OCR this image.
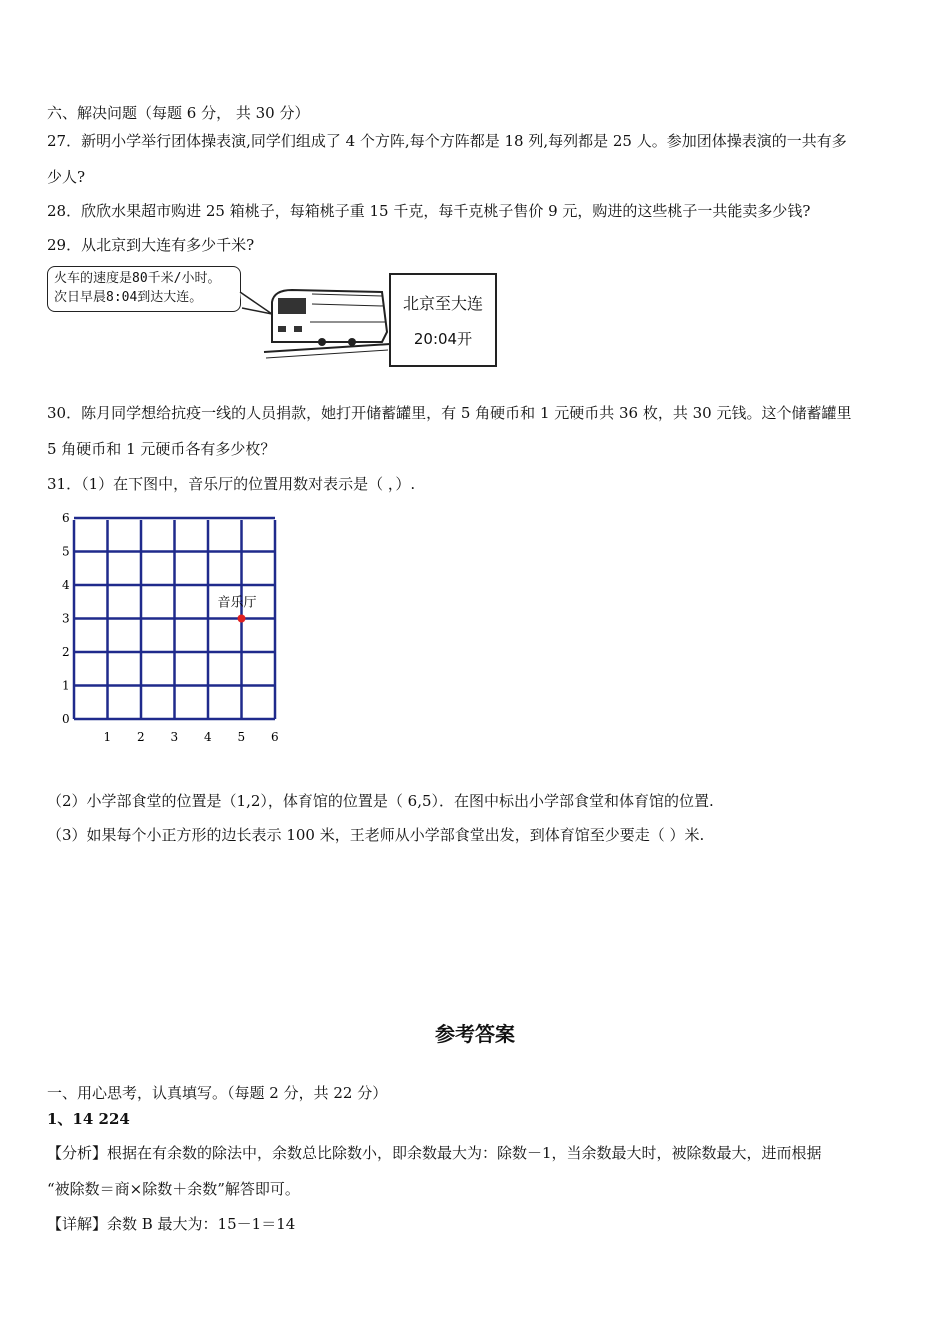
六、解决问题（每题 6 分， 共 30 分）
27．新明小学举行团体操表演,同学们组成了 4 个方阵,每个方阵都是 18 列,每列都是 25 人。参加团体操表演的一共有多
少人?
28．欣欣水果超市购进 25 箱桃子，每箱桃子重 15 千克，每千克桃子售价 9 元，购进的这些桃子一共能卖多少钱?
29．从北京到大连有多少千米?
火车的速度是80千米/小时。
次日早晨8:04到达大连。	北京至大连
20:04开
30．陈月同学想给抗疫一线的人员捐款，她打开储蓄罐里，有 5 角硬币和 1 元硬币共 36 枚，共 30 元钱。这个储蓄罐里
5 角硬币和 1 元硬币各有多少枚？
31．（1）在下图中，音乐厅的位置用数对表示是（ ，）.
1 2 3 4 5 6
0
1
2
3
4
5
6
音乐厅
（2）小学部食堂的位置是（1,2），体育馆的位置是（ 6,5）．在图中标出小学部食堂和体育馆的位置.
（3）如果每个小正方形的边长表示 100 米，王老师从小学部食堂出发，到体育馆至少要走（ ）米.
参考答案
一、用心思考，认真填写。（每题 2 分，共 22 分）
1、14 224
【分析】根据在有余数的除法中，余数总比除数小，即余数最大为：除数－1，当余数最大时，被除数最大，进而根据
“被除数＝商×除数＋余数”解答即可。
【详解】余数 B 最大为：15－1＝14
